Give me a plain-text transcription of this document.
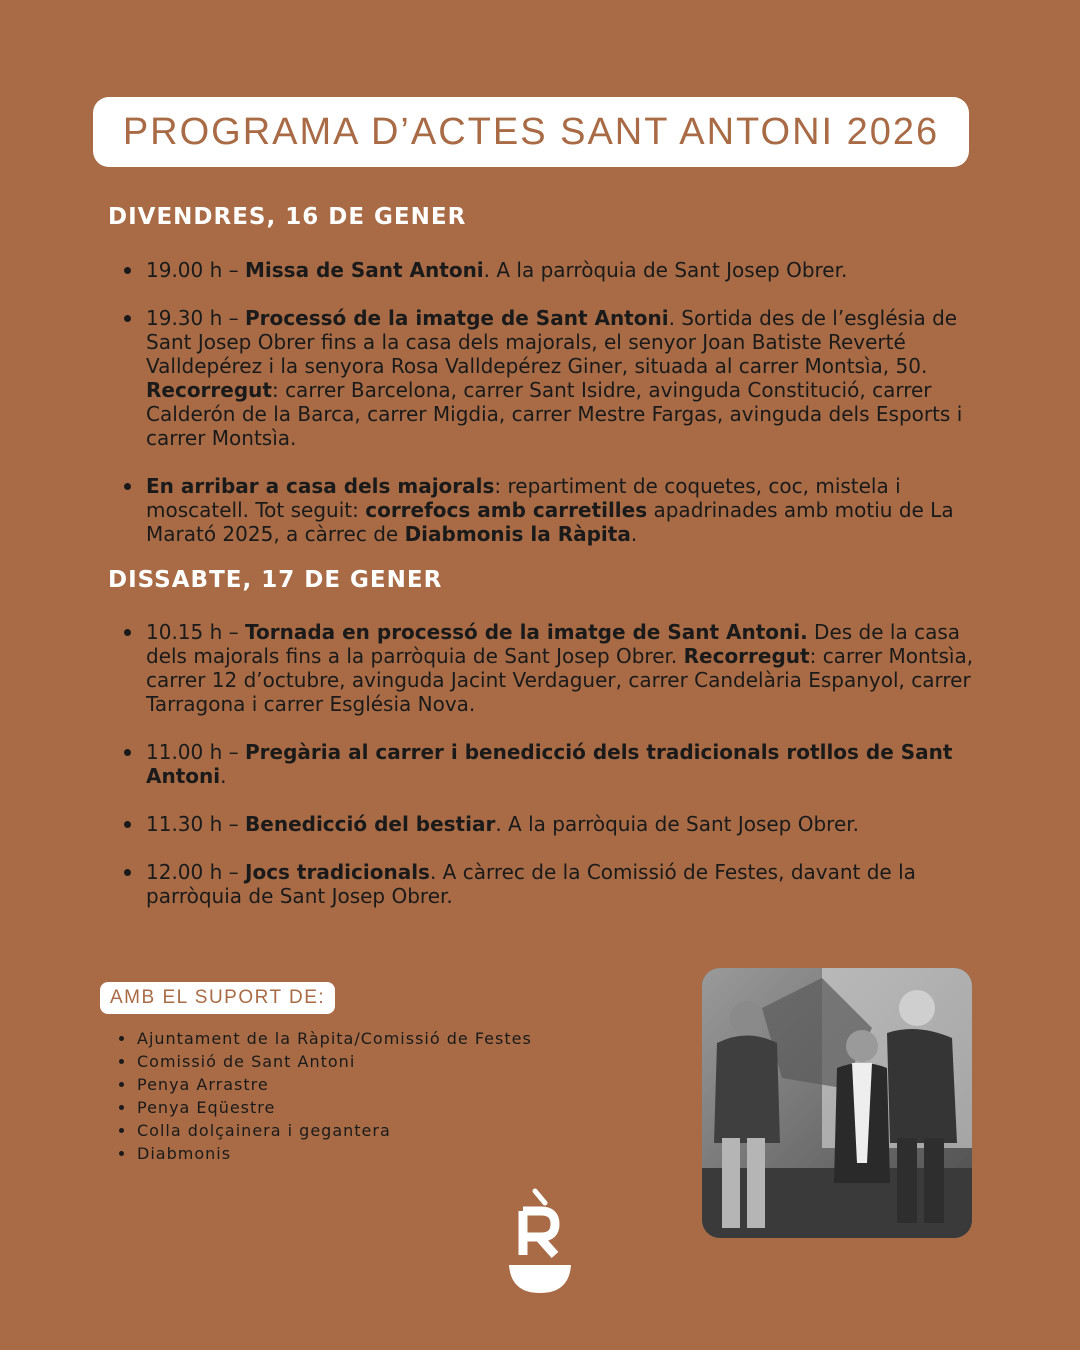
PROGRAMA D’ACTES SANT ANTONI 2026
DIVENDRES, 16 DE GENER
19.00 h – Missa de Sant Antoni. A la parròquia de Sant Josep Obrer.
19.30 h – Processó de la imatge de Sant Antoni. Sortida des de l’església de Sant Josep Obrer fins a la casa dels majorals, el senyor Joan Batiste Reverté Valldepérez i la senyora Rosa Valldepérez Giner, situada al carrer Montsìa, 50. Recorregut: carrer Barcelona, carrer Sant Isidre, avinguda Constitució, carrer Calderón de la Barca, carrer Migdia, carrer Mestre Fargas, avinguda dels Esports i carrer Montsìa.
En arribar a casa dels majorals: repartiment de coquetes, coc, mistela i moscatell. Tot seguit: correfocs amb carretilles apadrinades amb motiu de La Marató 2025, a càrrec de Diabmonis la Ràpita.
DISSABTE, 17 DE GENER
10.15 h – Tornada en processó de la imatge de Sant Antoni. Des de la casa dels majorals fins a la parròquia de Sant Josep Obrer. Recorregut: carrer Montsìa, carrer 12 d’octubre, avinguda Jacint Verdaguer, carrer Candelària Espanyol, carrer Tarragona i carrer Església Nova.
11.00 h – Pregària al carrer i benedicció dels tradicionals rotllos de Sant Antoni.
11.30 h – Benedicció del bestiar. A la parròquia de Sant Josep Obrer.
12.00 h – Jocs tradicionals. A càrrec de la Comissió de Festes, davant de la parròquia de Sant Josep Obrer.
AMB EL SUPORT DE:
Ajuntament de la Ràpita/Comissió de Festes
Comissió de Sant Antoni
Penya Arrastre
Penya Eqüestre
Colla dolçainera i gegantera
Diabmonis
